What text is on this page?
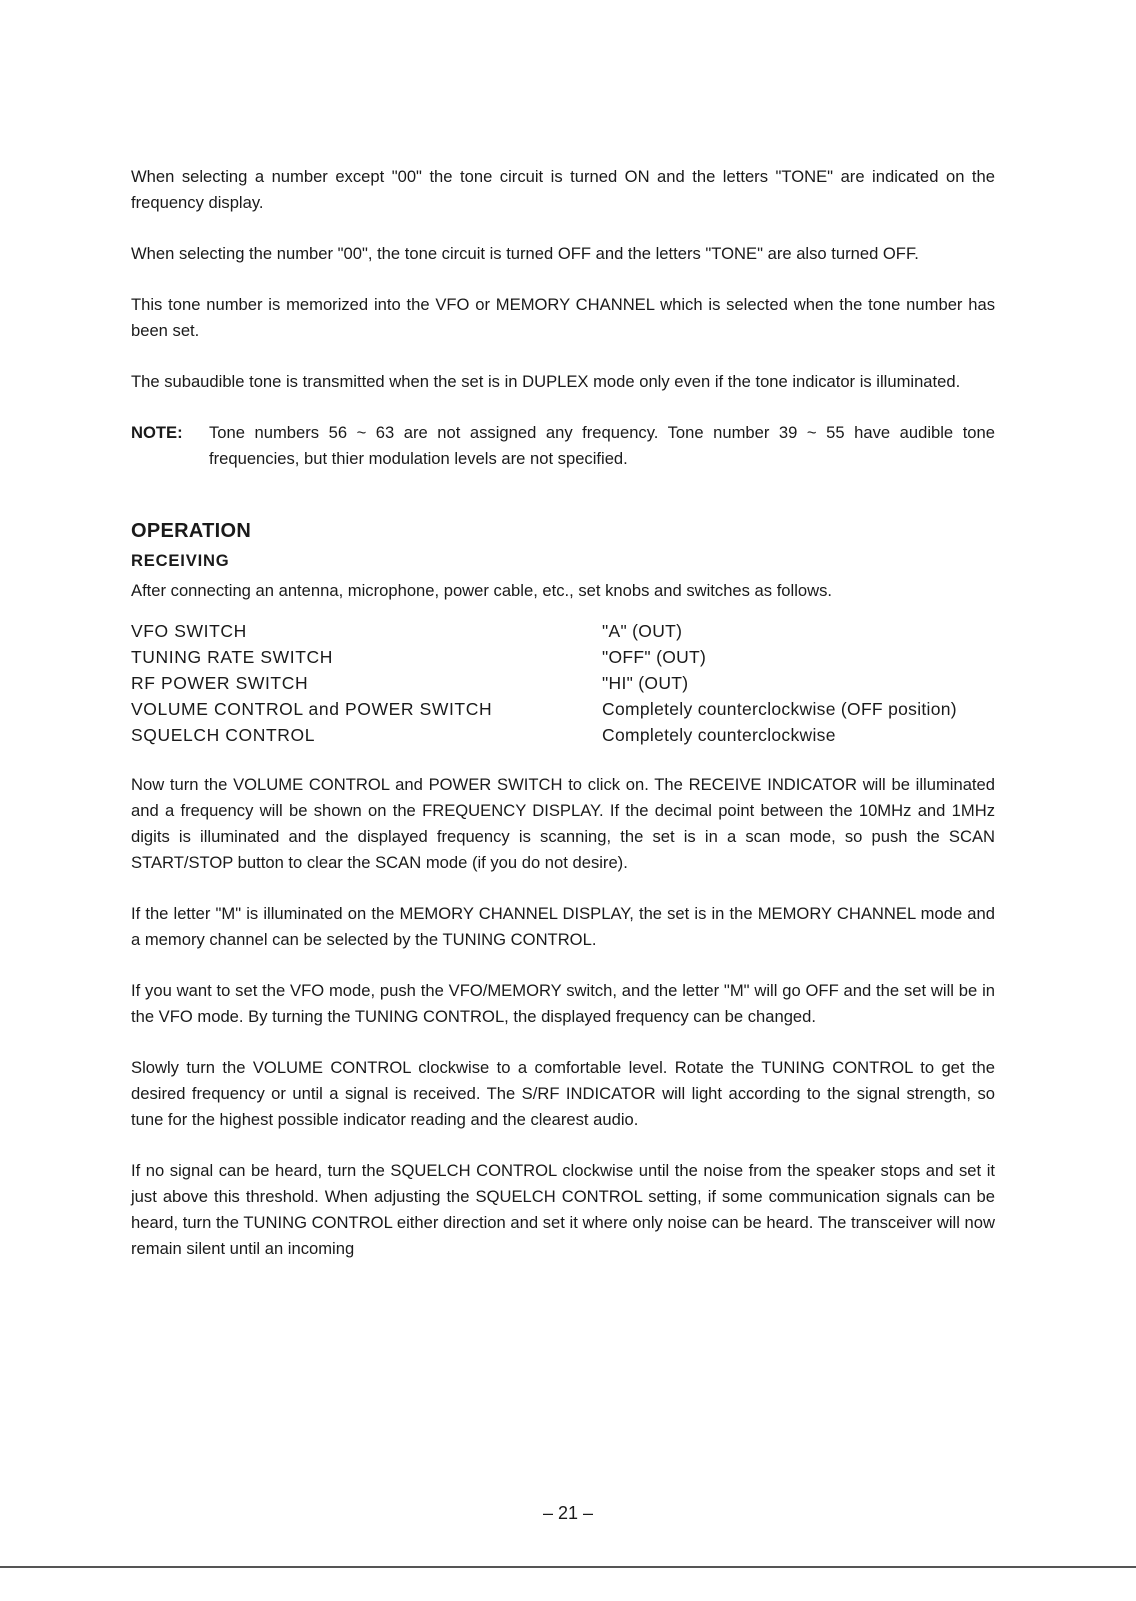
When selecting a number except "00" the tone circuit is turned ON and the letters "TONE" are indicated on the frequency display.

When selecting the number "00", the tone circuit is turned OFF and the letters "TONE" are also turned OFF.

This tone number is memorized into the VFO or MEMORY CHANNEL which is selected when the tone number has been set.

The subaudible tone is transmitted when the set is in DUPLEX mode only even if the tone indicator is illuminated.

NOTE:	Tone numbers 56 ~ 63 are not assigned any frequency. Tone number 39 ~ 55 have audible tone frequencies, but thier modulation levels are not specified.

OPERATION
RECEIVING

After connecting an antenna, microphone, power cable, etc., set knobs and switches as follows.

VFO SWITCH	"A" (OUT)
TUNING RATE SWITCH	"OFF" (OUT)
RF POWER SWITCH	"HI" (OUT)
VOLUME CONTROL and POWER SWITCH	Completely counterclockwise (OFF position)
SQUELCH CONTROL	Completely counterclockwise

Now turn the VOLUME CONTROL and POWER SWITCH to click on. The RECEIVE INDICATOR will be illuminated and a frequency will be shown on the FREQUENCY DISPLAY. If the decimal point between the 10MHz and 1MHz digits is illuminated and the displayed frequency is scanning, the set is in a scan mode, so push the SCAN START/STOP button to clear the SCAN mode (if you do not desire).

If the letter "M" is illuminated on the MEMORY CHANNEL DISPLAY, the set is in the MEMORY CHANNEL mode and a memory channel can be selected by the TUNING CONTROL.

If you want to set the VFO mode, push the VFO/MEMORY switch, and the letter "M" will go OFF and the set will be in the VFO mode. By turning the TUNING CONTROL, the displayed frequency can be changed.

Slowly turn the VOLUME CONTROL clockwise to a comfortable level. Rotate the TUNING CONTROL to get the desired frequency or until a signal is received. The S/RF INDICATOR will light according to the signal strength, so tune for the highest possible indicator reading and the clearest audio.

If no signal can be heard, turn the SQUELCH CONTROL clockwise until the noise from the speaker stops and set it just above this threshold. When adjusting the SQUELCH CONTROL setting, if some communication signals can be heard, turn the TUNING CONTROL either direction and set it where only noise can be heard. The transceiver will now remain silent until an incoming

– 21 –
